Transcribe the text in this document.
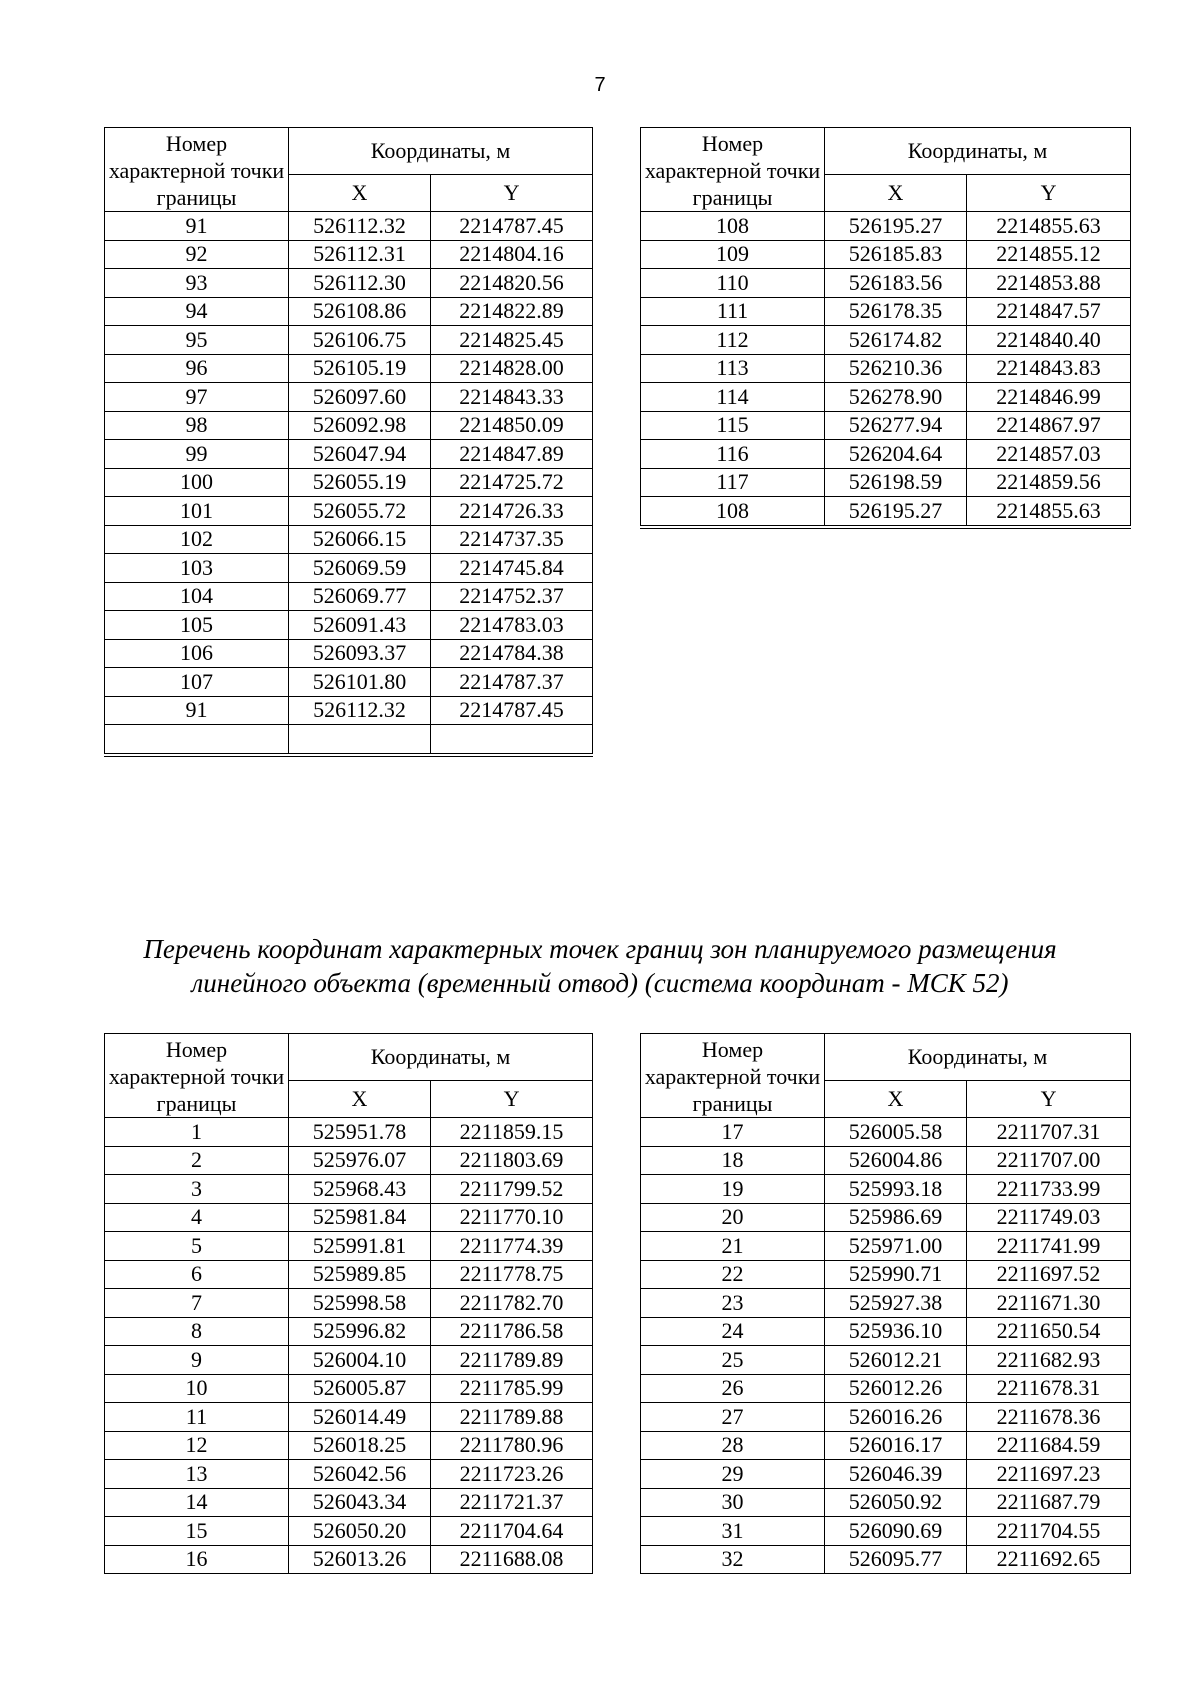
7
Номер характерной точки границы	Координаты, м	
	X	Y
91	526112.32	2214787.45
92	526112.31	2214804.16
93	526112.30	2214820.56
94	526108.86	2214822.89
95	526106.75	2214825.45
96	526105.19	2214828.00
97	526097.60	2214843.33
98	526092.98	2214850.09
99	526047.94	2214847.89
100	526055.19	2214725.72
101	526055.72	2214726.33
102	526066.15	2214737.35
103	526069.59	2214745.84
104	526069.77	2214752.37
105	526091.43	2214783.03
106	526093.37	2214784.38
107	526101.80	2214787.37
91	526112.32	2214787.45

Номер характерной точки границы	Координаты, м	
	X	Y
108	526195.27	2214855.63
109	526185.83	2214855.12
110	526183.56	2214853.88
111	526178.35	2214847.57
112	526174.82	2214840.40
113	526210.36	2214843.83
114	526278.90	2214846.99
115	526277.94	2214867.97
116	526204.64	2214857.03
117	526198.59	2214859.56
108	526195.27	2214855.63
Перечень координат характерных точек границ зон планируемого размещения
линейного объекта (временный отвод) (система координат - МСК 52)
Номер характерной точки границы	Координаты, м	
	X	Y
1	525951.78	2211859.15
2	525976.07	2211803.69
3	525968.43	2211799.52
4	525981.84	2211770.10
5	525991.81	2211774.39
6	525989.85	2211778.75
7	525998.58	2211782.70
8	525996.82	2211786.58
9	526004.10	2211789.89
10	526005.87	2211785.99
11	526014.49	2211789.88
12	526018.25	2211780.96
13	526042.56	2211723.26
14	526043.34	2211721.37
15	526050.20	2211704.64
16	526013.26	2211688.08
Номер характерной точки границы	Координаты, м	
	X	Y
17	526005.58	2211707.31
18	526004.86	2211707.00
19	525993.18	2211733.99
20	525986.69	2211749.03
21	525971.00	2211741.99
22	525990.71	2211697.52
23	525927.38	2211671.30
24	525936.10	2211650.54
25	526012.21	2211682.93
26	526012.26	2211678.31
27	526016.26	2211678.36
28	526016.17	2211684.59
29	526046.39	2211697.23
30	526050.92	2211687.79
31	526090.69	2211704.55
32	526095.77	2211692.65
